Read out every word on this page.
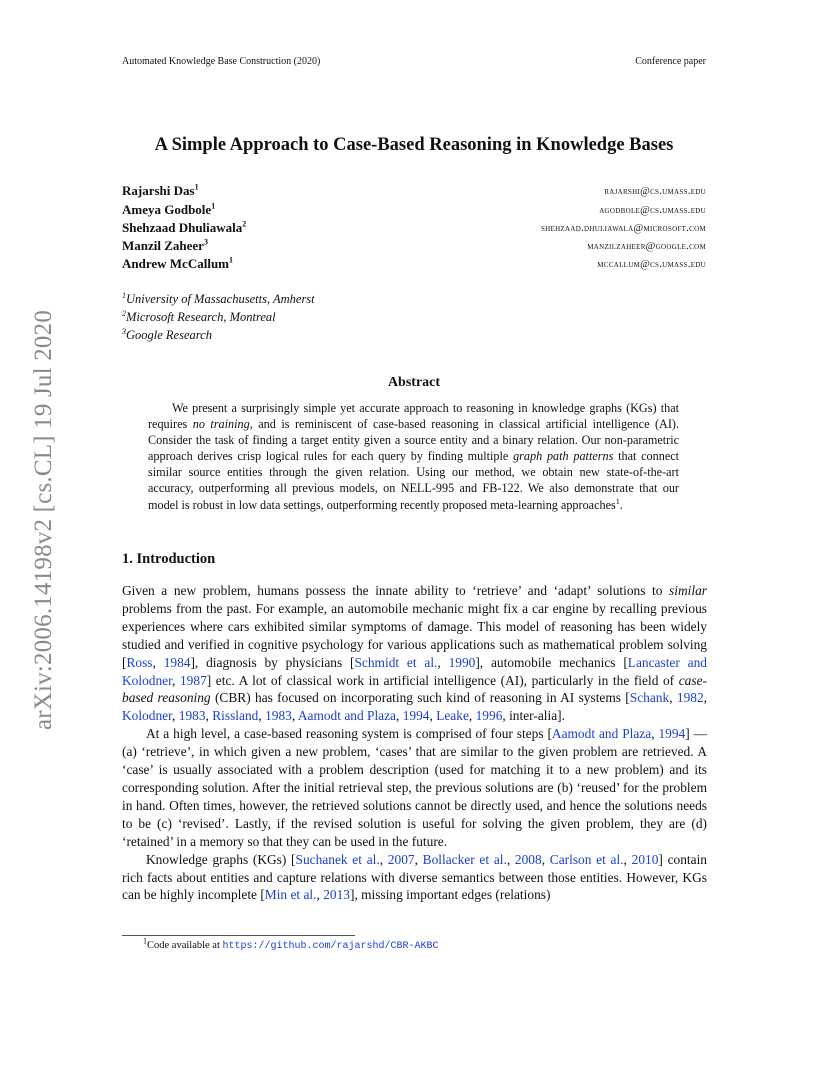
Automated Knowledge Base Construction (2020)	Conference paper
arXiv:2006.14198v2 [cs.CL] 19 Jul 2020
A Simple Approach to Case-Based Reasoning in Knowledge Bases
Rajarshi Das$^1$	rajarshi@cs.umass.edu
Ameya Godbole$^1$	agodbole@cs.umass.edu
Shehzaad Dhuliawala$^2$	shehzaad.dhuliawala@microsoft.com
Manzil Zaheer$^3$	manzilzaheer@google.com
Andrew McCallum$^1$	mccallum@cs.umass.edu
$^1$University of Massachusetts, Amherst
$^2$Microsoft Research, Montreal
$^3$Google Research
Abstract
We present a surprisingly simple yet accurate approach to reasoning in knowledge graphs (KGs) that requires no training, and is reminiscent of case-based reasoning in classical artificial intelligence (AI). Consider the task of finding a target entity given a source entity and a binary relation. Our non-parametric approach derives crisp logical rules for each query by finding multiple graph path patterns that connect similar source entities through the given relation. Using our method, we obtain new state-of-the-art accuracy, outperforming all previous models, on NELL-995 and FB-122. We also demonstrate that our model is robust in low data settings, outperforming recently proposed meta-learning approaches$^1$.
1. Introduction

Given a new problem, humans possess the innate ability to ‘retrieve’ and ‘adapt’ solutions to similar problems from the past. For example, an automobile mechanic might fix a car engine by recalling previous experiences where cars exhibited similar symptoms of damage. This model of reasoning has been widely studied and verified in cognitive psychology for various applications such as mathematical problem solving [Ross, 1984], diagnosis by physicians [Schmidt et al., 1990], automobile mechanics [Lancaster and Kolodner, 1987] etc. A lot of classical work in artificial intelligence (AI), particularly in the field of case-based reasoning (CBR) has focused on incorporating such kind of reasoning in AI systems [Schank, 1982, Kolodner, 1983, Rissland, 1983, Aamodt and Plaza, 1994, Leake, 1996, inter-alia].

At a high level, a case-based reasoning system is comprised of four steps [Aamodt and Plaza, 1994] — (a) ‘retrieve’, in which given a new problem, ‘cases’ that are similar to the given problem are retrieved. A ‘case’ is usually associated with a problem description (used for matching it to a new problem) and its corresponding solution. After the initial retrieval step, the previous solutions are (b) ‘reused’ for the problem in hand. Often times, however, the retrieved solutions cannot be directly used, and hence the solutions needs to be (c) ‘revised’. Lastly, if the revised solution is useful for solving the given problem, they are (d) ‘retained’ in a memory so that they can be used in the future.

Knowledge graphs (KGs) [Suchanek et al., 2007, Bollacker et al., 2008, Carlson et al., 2010] contain rich facts about entities and capture relations with diverse semantics between those entities. However, KGs can be highly incomplete [Min et al., 2013], missing important edges (relations)

$^1$Code available at https://github.com/rajarshd/CBR-AKBC
